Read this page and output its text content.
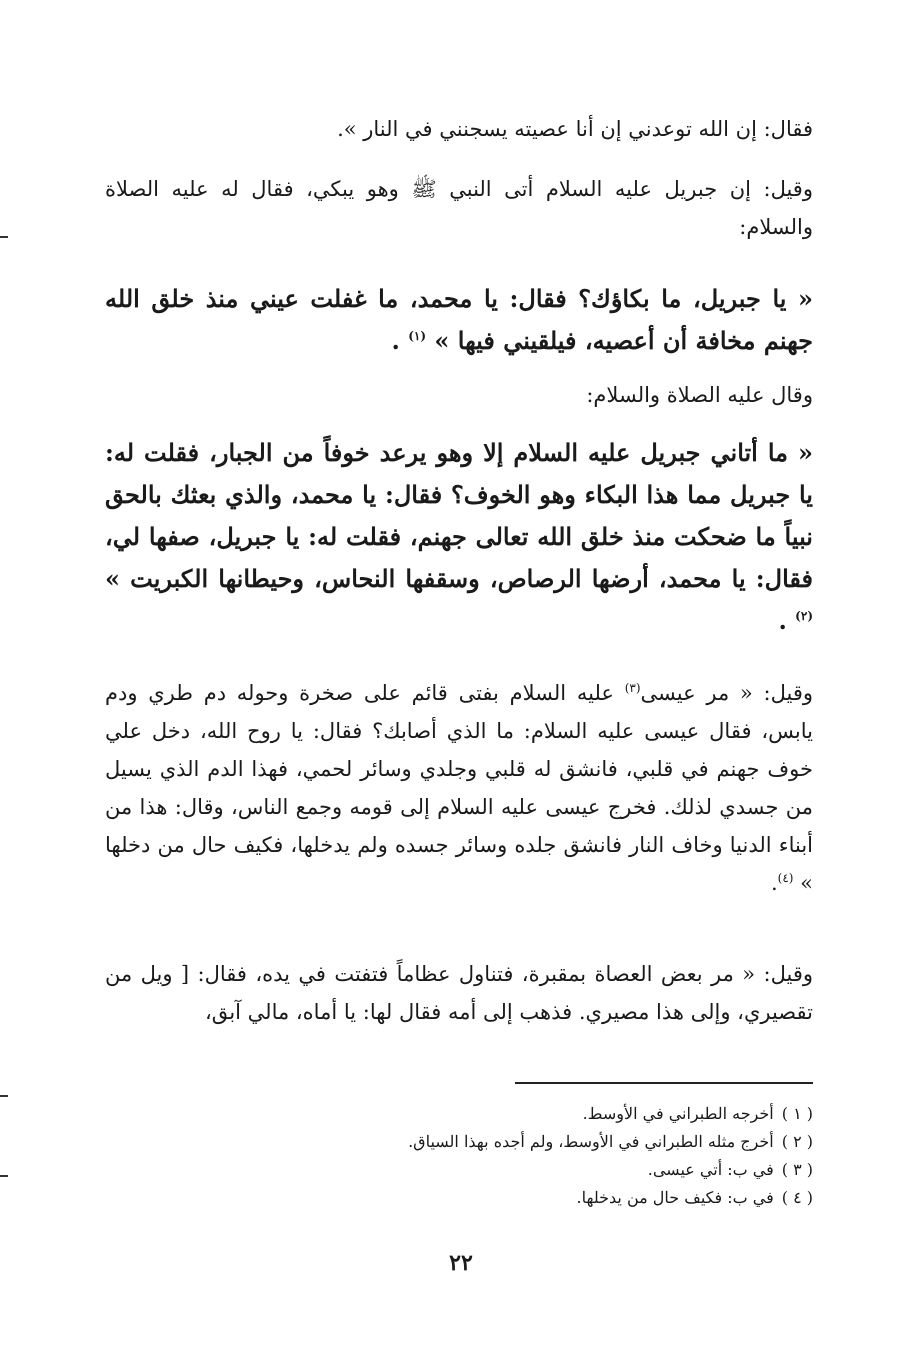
فقال: إن الله توعدني إن أنا عصيته يسجنني في النار ».
وقيل: إن جبريل عليه السلام أتى النبي ﷺ وهو يبكي، فقال له عليه الصلاة والسلام:
« يا جبريل، ما بكاؤك؟ فقال: يا محمد، ما غفلت عيني منذ خلق الله جهنم مخافة أن أعصيه، فيلقيني فيها » $^{(١)}$ .
وقال عليه الصلاة والسلام:
« ما أتاني جبريل عليه السلام إلا وهو يرعد خوفاً من الجبار، فقلت له: يا جبريل مما هذا البكاء وهو الخوف؟ فقال: يا محمد، والذي بعثك بالحق نبياً ما ضحكت منذ خلق الله تعالى جهنم، فقلت له: يا جبريل، صفها لي، فقال: يا محمد، أرضها الرصاص، وسقفها النحاس، وحيطانها الكبريت » $^{(٢)}$ .
وقيل: « مر عيسى$^{(٣)}$ عليه السلام بفتى قائم على صخرة وحوله دم طري ودم يابس، فقال عيسى عليه السلام: ما الذي أصابك؟ فقال: يا روح الله، دخل علي خوف جهنم في قلبي، فانشق له قلبي وجلدي وسائر لحمي، فهذا الدم الذي يسيل من جسدي لذلك. فخرج عيسى عليه السلام إلى قومه وجمع الناس، وقال: هذا من أبناء الدنيا وخاف النار فانشق جلده وسائر جسده ولم يدخلها، فكيف حال من دخلها » $^{(٤)}$.
وقيل: « مر بعض العصاة بمقبرة، فتناول عظاماً فتفتت في يده، فقال: [ ويل من تقصيري، وإلى هذا مصيري. فذهب إلى أمه فقال لها: يا أماه، مالي آبق،
( ١ )أخرجه الطبراني في الأوسط.
( ٢ )أخرج مثله الطبراني في الأوسط، ولم أجده بهذا السياق.
( ٣ )في ب: أتي عيسى.
( ٤ )في ب: فكيف حال من يدخلها.
٢٢
